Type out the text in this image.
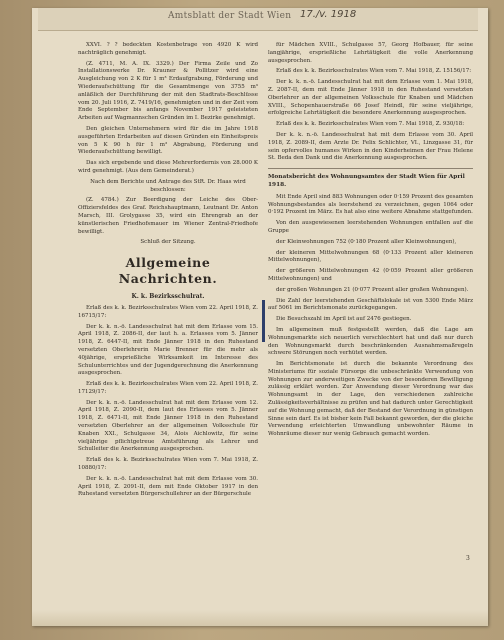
Amtsblatt der Stadt Wien 17./v. 1918

XXVI. ? ? bedeckten Kostenbetrage von 4920 K wird nachträglich genehmigt.

(Z. 4711, M. A. IX. 3329.) Der Firma Zeile und Zo Installationswerke Dr. Krauner & Pollitzer wird eine Ausgleichung von 2 K für 1 m³ Erdaufgrabung, Förderung und Wiederaufschüttung für die Gesamtmenge von 3755 m³ anläßlich der Durchführung der mit den Stadtrats-Beschlüsse vom 20. Juli 1916, Z. 7419/16, genehmigten und in der Zeit vom Ende September bis anfangs November 1917 geleisteten Arbeiten auf Wagmannschen Gründen im I. Bezirke genehmigt.

Den gleichen Unternehmern wird für die im Jahre 1918 ausgeführten Erdarbeiten auf diesen Gründen ein Einheitspreis von 5 K 90 h für 1 m³ Abgrabung, Förderung und Wiederaufschüttung bewilligt.

Das sich ergebende und diese Mehrerfordernis von 28.000 K wird genehmigt. (Aus dem Gemeinderat.)

Nach dem Berichte und Antrage des StR. Dr. Haas wird beschlossen:

(Z. 4784.) Zur Beerdigung der Leiche des Ober-Offiziersfeldes des Graf. Reichshauptmann, Leutnant Dr. Anton Marsch, III. Grolygasse 35, wird ein Ehrengrab an der künstlerischen Friedhofsmauer im Wiener Zentral-Friedhofe bewilligt.

Schluß der Sitzung.

Allgemeine Nachrichten.
K. k. Bezirksschulrat.

Erlaß des k. k. Bezirksschulrates Wien vom 22. April 1918, Z. 16715/17:

Der k. k. n.-ö. Landesschulrat hat mit dem Erlasse vom 15. April 1918, Z. 2086-II, der laut h. a. Erlasses vom 5. Jänner 1918, Z. 6447-II, mit Ende Jänner 1918 in den Ruhestand versetzten Oberlehrerin Marie Brenner für die mehr als 40jährige, ersprießliche Wirksamkeit im Interesse des Schulunterrichtes und der Jugendgerechnung die Anerkennung ausgesprochen.

Erlaß des k. k. Bezirksschulrates Wien vom 22. April 1918, Z. 17129/17:

Der k. k. n.-ö. Landesschulrat hat mit dem Erlasse vom 12. April 1918, Z. 2090-II, dem laut des Erlasses vom 5. Jänner 1918, Z. 6471-II, mit Ende Jänner 1918 in den Ruhestand versetzten Oberlehrer an der allgemeinen Volksschule für Knaben XXI., Schulgasse 34, Alois Aichlowitz, für seine vieljährige pflichtgetreue Amtsführung als Lehrer und Schulleiter die Anerkennung ausgesprochen.

Erlaß des k. k. Bezirksschulrates Wien vom 7. Mai 1918, Z. 10880/17:

Der k. k. n.-ö. Landesschulrat hat mit dem Erlasse vom 30. April 1918, Z. 2091-II, dem mit Ende Oktober 1917 in den Ruhestand versetzten Bürgerschullehrer an der Bürgerschule

für Mädchen XVIII., Schulgasse 57, Georg Hofbauer, für seine langjährige, ersprießliche Lehrtätigkeit die volle Anerkennung ausgesprochen.

Erlaß des k. k. Bezirksschulrates Wien vom 7. Mai 1918, Z. 15156/17:

Der k. k. n.-ö. Landesschulrat hat mit dem Erlasse vom 1. Mai 1918, Z. 2087-II, dem mit Ende Jänner 1918 in den Ruhestand versetzten Oberlehrer an der allgemeinen Volksschule für Knaben und Mädchen XVIII., Schopenhauerstraße 66 Josef Heindl, für seine vieljährige, erfolgreiche Lehrtätigkeit die besondere Anerkennung ausgesprochen.

Erlaß des k. k. Bezirksschulrates Wien vom 7. Mai 1918, Z. 930/18:

Der k. k. n.-ö. Landesschulrat hat mit dem Erlasse vom 30. April 1918, Z. 2089-II, dem Arzte Dr. Felix Schlichter, VI., Linzgasse 31, für sein opfervolles humanes Wirken in den Kinderheimen der Frau Helene St. Beda den Dank und die Anerkennung ausgesprochen.

Monatsbericht des Wohnungsamtes der Stadt Wien für April 1918.

Mit Ende April sind 883 Wohnungen oder 0·159 Prozent des gesamten Wohnungsbestandes als leerstehend zu verzeichnen, gegen 1064 oder 0·192 Prozent im März. Es hat also eine weitere Abnahme stattgefunden.

Von den ausgewiesenen leerstehenden Wohnungen entfallen auf die Gruppe

der Kleinwohnungen 752 (0·180 Prozent aller Kleinwohnungen),

der kleineren Mittelwohnungen 68 (0·133 Prozent aller kleineren Mittelwohnungen),

der größeren Mittelwohnungen 42 (0·059 Prozent aller größeren Mittelwohnungen) und

der großen Wohnungen 21 (0·077 Prozent aller großen Wohnungen).

Die Zahl der leerstehenden Geschäftslokale ist von 5300 Ende März auf 5061 im Berichtsmonate zurückgegangen.

Die Besuchszahl im April ist auf 2476 gestiegen.

Im allgemeinen muß festgestellt werden, daß die Lage am Wohnungsmarkte sich neuerlich verschlechtert hat und daß nur durch den Wohnungsmarkt durch beschränkenden Ausnahmsmaßregeln schwere Störungen noch verhütet werden.

Im Berichtsmonate ist durch die bekannte Verordnung des Ministeriums für soziale Fürsorge die unbeschränkte Verwendung von Wohnungen zur anderweitigen Zwecke von der besonderen Bewilligung zulässig erklärt worden. Zur Anwendung dieser Verordnung war das Wohnungsamt in der Lage, den verschiedenen zahlreiche Zulässigkeitsverhältnisse zu prüfen und hat dadurch unter Gerechtigkeit auf die Wohnung gemacht, daß der Bestand der Verordnung in günstigen Sinne sein darf. Es ist bisher kein Fall bekannt geworden, der die gleiche Verwendung erleichterten Umwandlung unbewohnter Räume in Wohnräume dieser nur wenig Gebrauch gemacht worden.

3
